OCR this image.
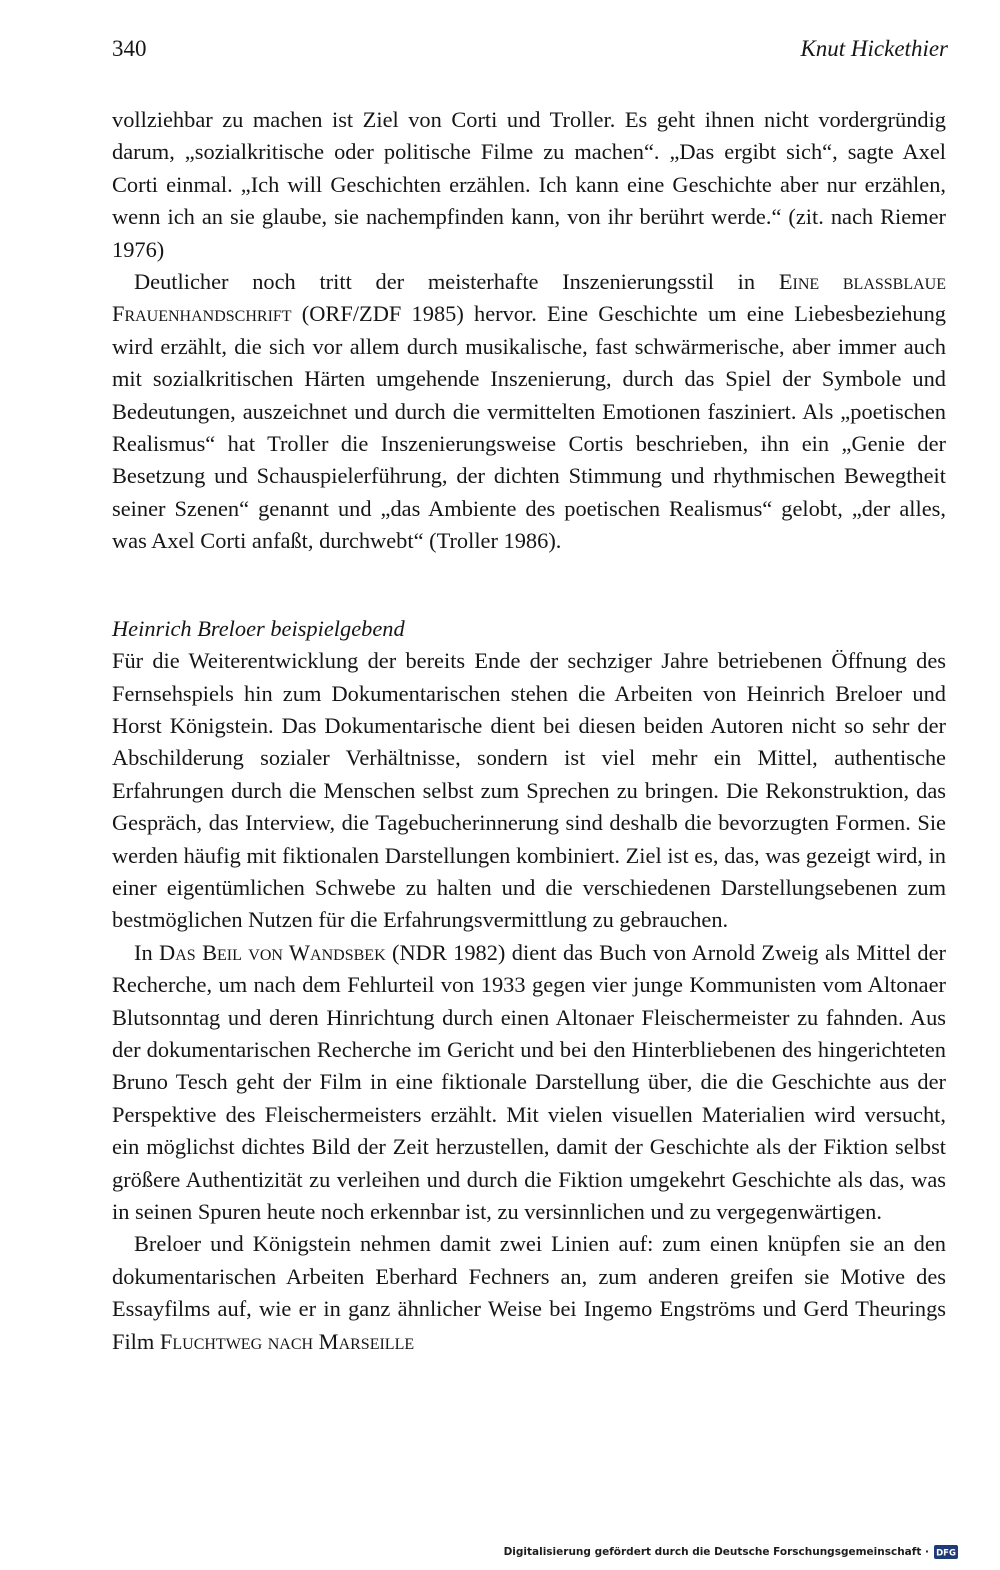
340	Knut Hickethier

vollziehbar zu machen ist Ziel von Corti und Troller. Es geht ihnen nicht vordergründig darum, „sozialkritische oder politische Filme zu machen“. „Das ergibt sich“, sagte Axel Corti einmal. „Ich will Geschichten erzählen. Ich kann eine Geschichte aber nur erzählen, wenn ich an sie glaube, sie nachempfinden kann, von ihr berührt werde.“ (zit. nach Riemer 1976)

Deutlicher noch tritt der meisterhafte Inszenierungsstil in Eine blassblaue Frauenhandschrift (ORF/ZDF 1985) hervor. Eine Geschichte um eine Liebesbeziehung wird erzählt, die sich vor allem durch musikalische, fast schwärmerische, aber immer auch mit sozialkritischen Härten umgehende Inszenierung, durch das Spiel der Symbole und Bedeutungen, auszeichnet und durch die vermittelten Emotionen fasziniert. Als „poetischen Realismus“ hat Troller die Inszenierungsweise Cortis beschrieben, ihn ein „Genie der Besetzung und Schauspielerführung, der dichten Stimmung und rhythmischen Bewegtheit seiner Szenen“ genannt und „das Ambiente des poetischen Realismus“ gelobt, „der alles, was Axel Corti anfaßt, durchwebt“ (Troller 1986).

Heinrich Breloer beispielgebend

Für die Weiterentwicklung der bereits Ende der sechziger Jahre betriebenen Öffnung des Fernsehspiels hin zum Dokumentarischen stehen die Arbeiten von Heinrich Breloer und Horst Königstein. Das Dokumentarische dient bei diesen beiden Autoren nicht so sehr der Abschilderung sozialer Verhältnisse, sondern ist viel mehr ein Mittel, authentische Erfahrungen durch die Menschen selbst zum Sprechen zu bringen. Die Rekonstruktion, das Gespräch, das Interview, die Tagebucherinnerung sind deshalb die bevorzugten Formen. Sie werden häufig mit fiktionalen Darstellungen kombiniert. Ziel ist es, das, was gezeigt wird, in einer eigentümlichen Schwebe zu halten und die verschiedenen Darstellungsebenen zum bestmöglichen Nutzen für die Erfahrungsvermittlung zu gebrauchen.

In Das Beil von Wandsbek (NDR 1982) dient das Buch von Arnold Zweig als Mittel der Recherche, um nach dem Fehlurteil von 1933 gegen vier junge Kommunisten vom Altonaer Blutsonntag und deren Hinrichtung durch einen Altonaer Fleischermeister zu fahnden. Aus der dokumentarischen Recherche im Gericht und bei den Hinterbliebenen des hingerichteten Bruno Tesch geht der Film in eine fiktionale Darstellung über, die die Geschichte aus der Perspektive des Fleischermeisters erzählt. Mit vielen visuellen Materialien wird versucht, ein möglichst dichtes Bild der Zeit herzustellen, damit der Geschichte als der Fiktion selbst größere Authentizität zu verleihen und durch die Fiktion umgekehrt Geschichte als das, was in seinen Spuren heute noch erkennbar ist, zu versinnlichen und zu vergegenwärtigen.

Breloer und Königstein nehmen damit zwei Linien auf: zum einen knüpfen sie an den dokumentarischen Arbeiten Eberhard Fechners an, zum anderen greifen sie Motive des Essayfilms auf, wie er in ganz ähnlicher Weise bei Ingemo Engströms und Gerd Theurings Film Fluchtweg nach Marseille

Digitalisierung gefördert durch die Deutsche Forschungsgemeinschaft · DFG
